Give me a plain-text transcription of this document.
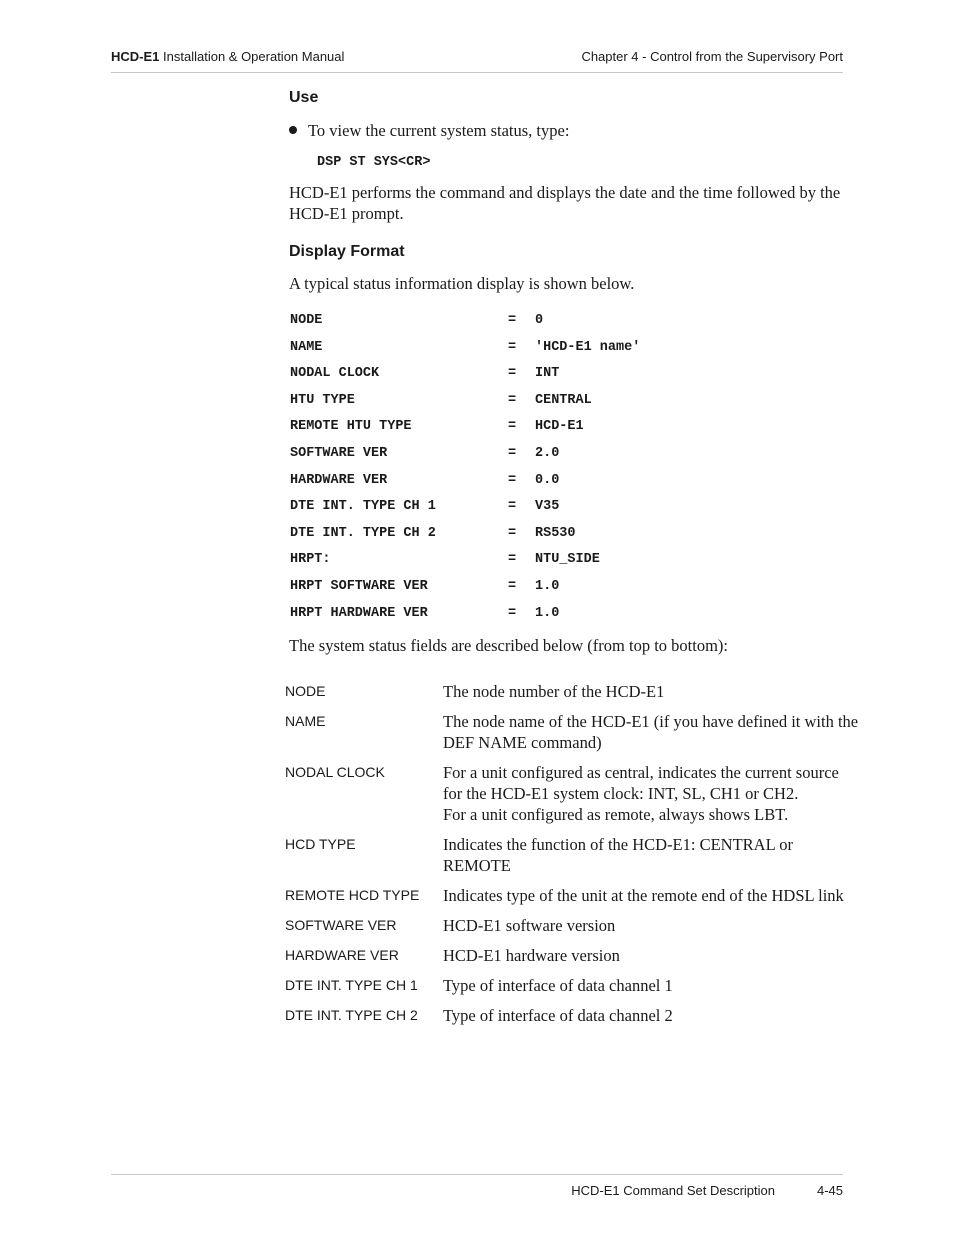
HCD-E1 Installation & Operation Manual	Chapter 4 - Control from the Supervisory Port
Use
To view the current system status, type:
DSP ST SYS<CR>
HCD-E1 performs the command and displays the date and the time followed by the HCD-E1 prompt.
Display Format
A typical status information display is shown below.
NODE	= 0
NAME	= 'HCD-E1 name'
NODAL CLOCK	= INT
HTU TYPE	= CENTRAL
REMOTE HTU TYPE	= HCD-E1
SOFTWARE VER	= 2.0
HARDWARE VER	= 0.0
DTE INT. TYPE CH 1	= V35
DTE INT. TYPE CH 2	= RS530
HRPT:	= NTU_SIDE
HRPT SOFTWARE VER	= 1.0
HRPT HARDWARE VER	= 1.0
The system status fields are described below (from top to bottom):
NODE	The node number of the HCD-E1
NAME	The node name of the HCD-E1 (if you have defined it with the DEF NAME command)
NODAL CLOCK	For a unit configured as central, indicates the current source for the HCD-E1 system clock: INT, SL, CH1 or CH2.
For a unit configured as remote, always shows LBT.
HCD TYPE	Indicates the function of the HCD-E1: CENTRAL or REMOTE
REMOTE HCD TYPE	Indicates type of the unit at the remote end of the HDSL link
SOFTWARE VER	HCD-E1 software version
HARDWARE VER	HCD-E1 hardware version
DTE INT. TYPE CH 1	Type of interface of data channel 1
DTE INT. TYPE CH 2	Type of interface of data channel 2
HCD-E1 Command Set Description	4-45
